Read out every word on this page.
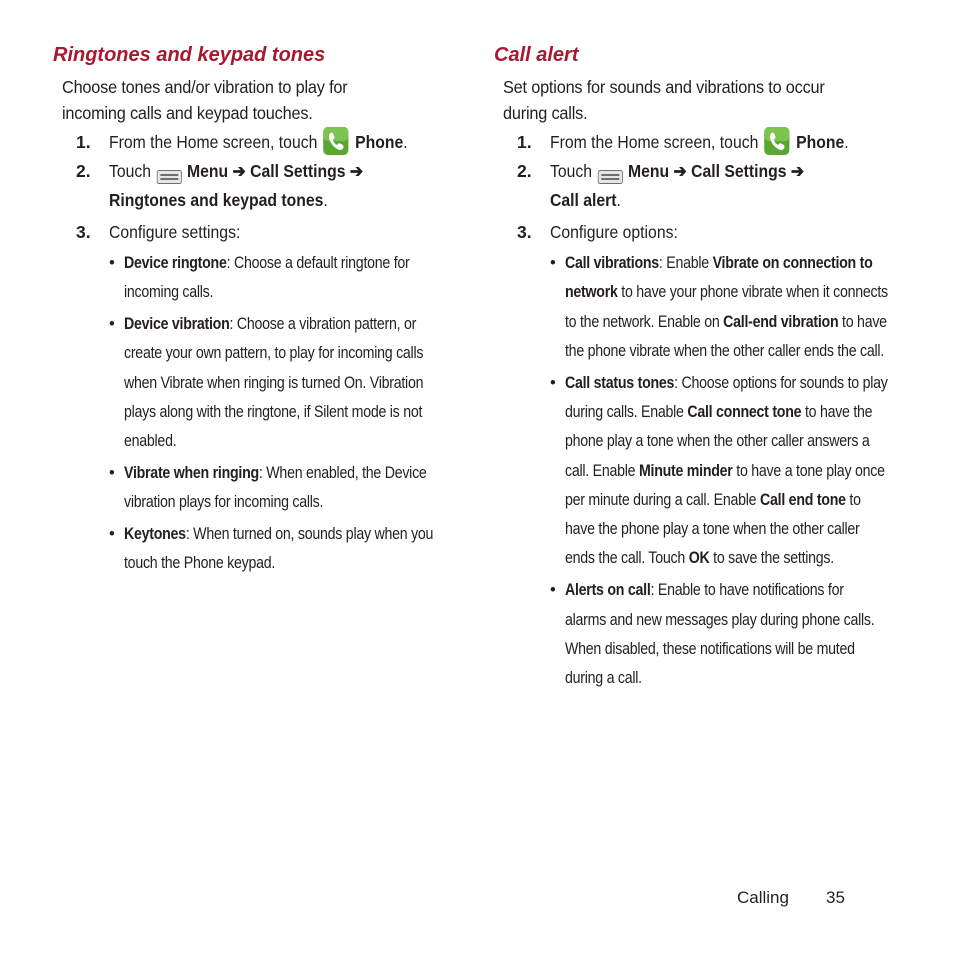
Ringtones and keypad tones
Choose tones and/or vibration to play for incoming calls and keypad touches.
1. From the Home screen, touch Phone.
2. Touch Menu ➔ Call Settings ➔
Ringtones and keypad tones.
3. Configure settings:
• Device ringtone: Choose a default ringtone for incoming calls.
• Device vibration: Choose a vibration pattern, or create your own pattern, to play for incoming calls when Vibrate when ringing is turned On. Vibration plays along with the ringtone, if Silent mode is not enabled.
• Vibrate when ringing: When enabled, the Device vibration plays for incoming calls.
• Keytones: When turned on, sounds play when you touch the Phone keypad.
Call alert
Set options for sounds and vibrations to occur during calls.
1. From the Home screen, touch Phone.
2. Touch Menu ➔ Call Settings ➔
Call alert.
3. Configure options:
• Call vibrations: Enable Vibrate on connection to network to have your phone vibrate when it connects to the network. Enable on Call-end vibration to have the phone vibrate when the other caller ends the call.
• Call status tones: Choose options for sounds to play during calls. Enable Call connect tone to have the phone play a tone when the other caller answers a call. Enable Minute minder to have a tone play once per minute during a call. Enable Call end tone to have the phone play a tone when the other caller ends the call. Touch OK to save the settings.
• Alerts on call: Enable to have notifications for alarms and new messages play during phone calls. When disabled, these notifications will be muted during a call.
Calling 35
